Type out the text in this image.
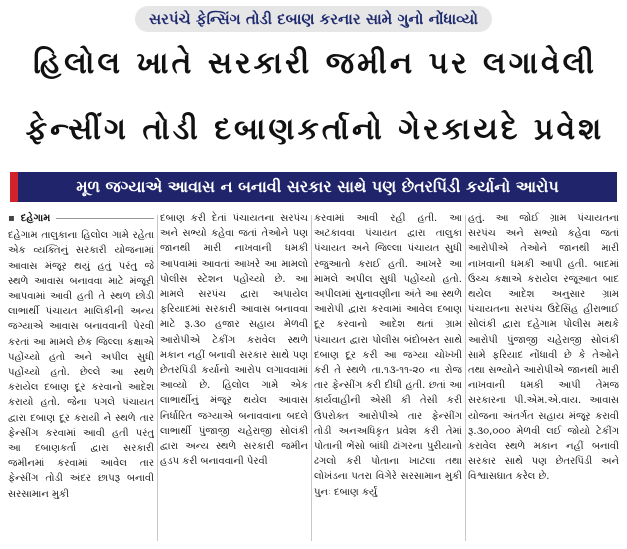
સરપંચે ફેન્સિંગ તોડી દબાણ કરનાર સામે ગુનો નોંધાવ્યો
હિલોલ ખાતે સરકારી જમીન પર લગાવેલી
ફેન્સીંગ તોડી દબાણકર્તાનો ગેરકાયદે પ્રવેશ
મૂળ જગ્યાએ આવાસ ન બનાવી સરકાર સાથે પણ છેતરપિંડી કર્યાનો આરોપ
▪ દહેગામ
દહેગામ તાલુકાના હિલોલ ગામે રહેતા એક વ્યક્તિનું સરકારી યોજનામાં આવાસ મંજૂર થયું હતું પરંતુ જે સ્થળે આવાસ બનાવવા માટે મંજૂરી આપવામાં આવી હતી તે સ્થળ છોડી લાભાર્થી પંચાયત માલિકીની અન્ય જગ્યાએ આવાસ બનાવવાની પેરવી કરતાં આ મામલે છેક જિલ્લા કક્ષાએ પહોંચ્યો હતો અને અપીલ સુધી પહોંચ્યો હતો. છેલ્લે આ સ્થળે કરાયેલ દબાણ દૂર કરવાનો આદેશ કરાયો હતો. જેના પગલે પંચાયત દ્વારા દબાણ દૂર કરાયી ને સ્થળે તાર ફેન્સીંગ કરવામાં આવી હતી પરંતુ આ દબાણકર્તા દ્વારા સરકારી જમીનમાં કરવામાં આવેલ તાર ફેન્સીંગ તોડી અંદર છાપરૂ બનાવી સરસામાન મુકી
દબાણ કરી દેતાં પંચાયતના સરપંચ અને સભ્યો કહેવા જતાં તેઓને પણ જાનથી મારી નાખવાની ધમકી આપવામાં આવતાં આખરે આ મામલો પોલીસ સ્ટેશન પહોંચ્યો છે. આ મામલે સરપંચ દ્વારા અપાયેલ ફરિયાદમાં સરકારી આવાસ બનાવવા માટે રૂ.૩૦ હજાર સહાય મેળવી આરોપીએ ટેકીંગ કરાવેલ સ્થળે મકાન નહીં બનાવી સરકાર સાથે પણ છેતરપિંડી કર્યાનો આરોપ લગાવવામાં આવ્યો છે. હિલોલ ગામે એક લાભાર્થીનું મંજૂર થયેલ આવાસ નિર્ધારિત જગ્યાએ બનાવવાના બદલે લાભાર્થી પુંજાજી ચહેરાજી સોલંકી દ્વારા અન્ય સ્થળે સરકારી જમીન હડપ કરી બનાવવાની પેરવી
કરવામાં આવી રહી હતી. આ અટકાવવા પંચાયત દ્વારા તાલુકા પંચાયત અને જિલ્લા પંચાયત સુધી રજુઆતો કરાઈ હતી. આખરે આ મામલે અપીલ સુધી પહોંચ્યો હતો. અપીલમાં સુનાવણીના અંતે આ સ્થળે આરોપી દ્વારા કરવામાં આવેલ દબાણ દૂર કરવાનો આદેશ થતાં ગ્રામ પંચાયત દ્વારા પોલીસ બંદોબસ્ત સાથે દબાણ દૂર કરી આ જગ્યા ચોખ્ખી કરી તે સ્થળે તા.૧૩-૧૧-૨૦ ના રોજ તાર ફેન્સીંગ કરી દીધી હતી. છતાં આ કાર્યવાહીની એસી કી તેસી કરી ઉપરોક્ત આરોપીએ તાર ફેન્સીંગ તોડી અનઅધિકૃત પ્રવેશ કરી તેમાં પોતાની ભેંસો બાંધી ઢાંગરના પુરીયાનો ઢગલો કરી પોતાના ખાટલા તથા લોખંડના પતરા વિગેરે સરસામાન મુકી પુનઃ દબાણ કર્યું
હતું. આ જોઈ ગ્રામ પંચાયતના સરપંચ અને સભ્યો કહેવા જતાં આરોપીએ તેઓને જાનથી મારી નાખવાની ધમકી આપી હતી. બાદમાં ઉચ્ચ કક્ષાએ કરાયેલ રજૂઆત બાદ થયેલ આદેશ અનુસાર ગ્રામ પંચાયતના સરપંચ ઉદેસિંહ હીરાભાઈ સોલંકી દ્વારા દહેગામ પોલીસ મથકે આરોપી પુંજાજી ચહેરાજી સોલંકી સામે ફરિયાદ નોંધાવી છે કે તેઓને તથા સભ્યોને આરોપીએ જાનથી મારી નાખવાની ધમકી આપી તેમજ સરકારના પી.એમ.એ.વાય. આવાસ યોજના અંતર્ગત સહાય મંજૂર કરાવી રૂ.૩૦,૦૦૦ મેળવી લઈ જોયો ટેકીંગ કરાવેલ સ્થળે મકાન નહીં બનાવી સરકાર સાથે પણ છેતરપિંડી અને વિશ્વાસઘાત કરેલ છે.
